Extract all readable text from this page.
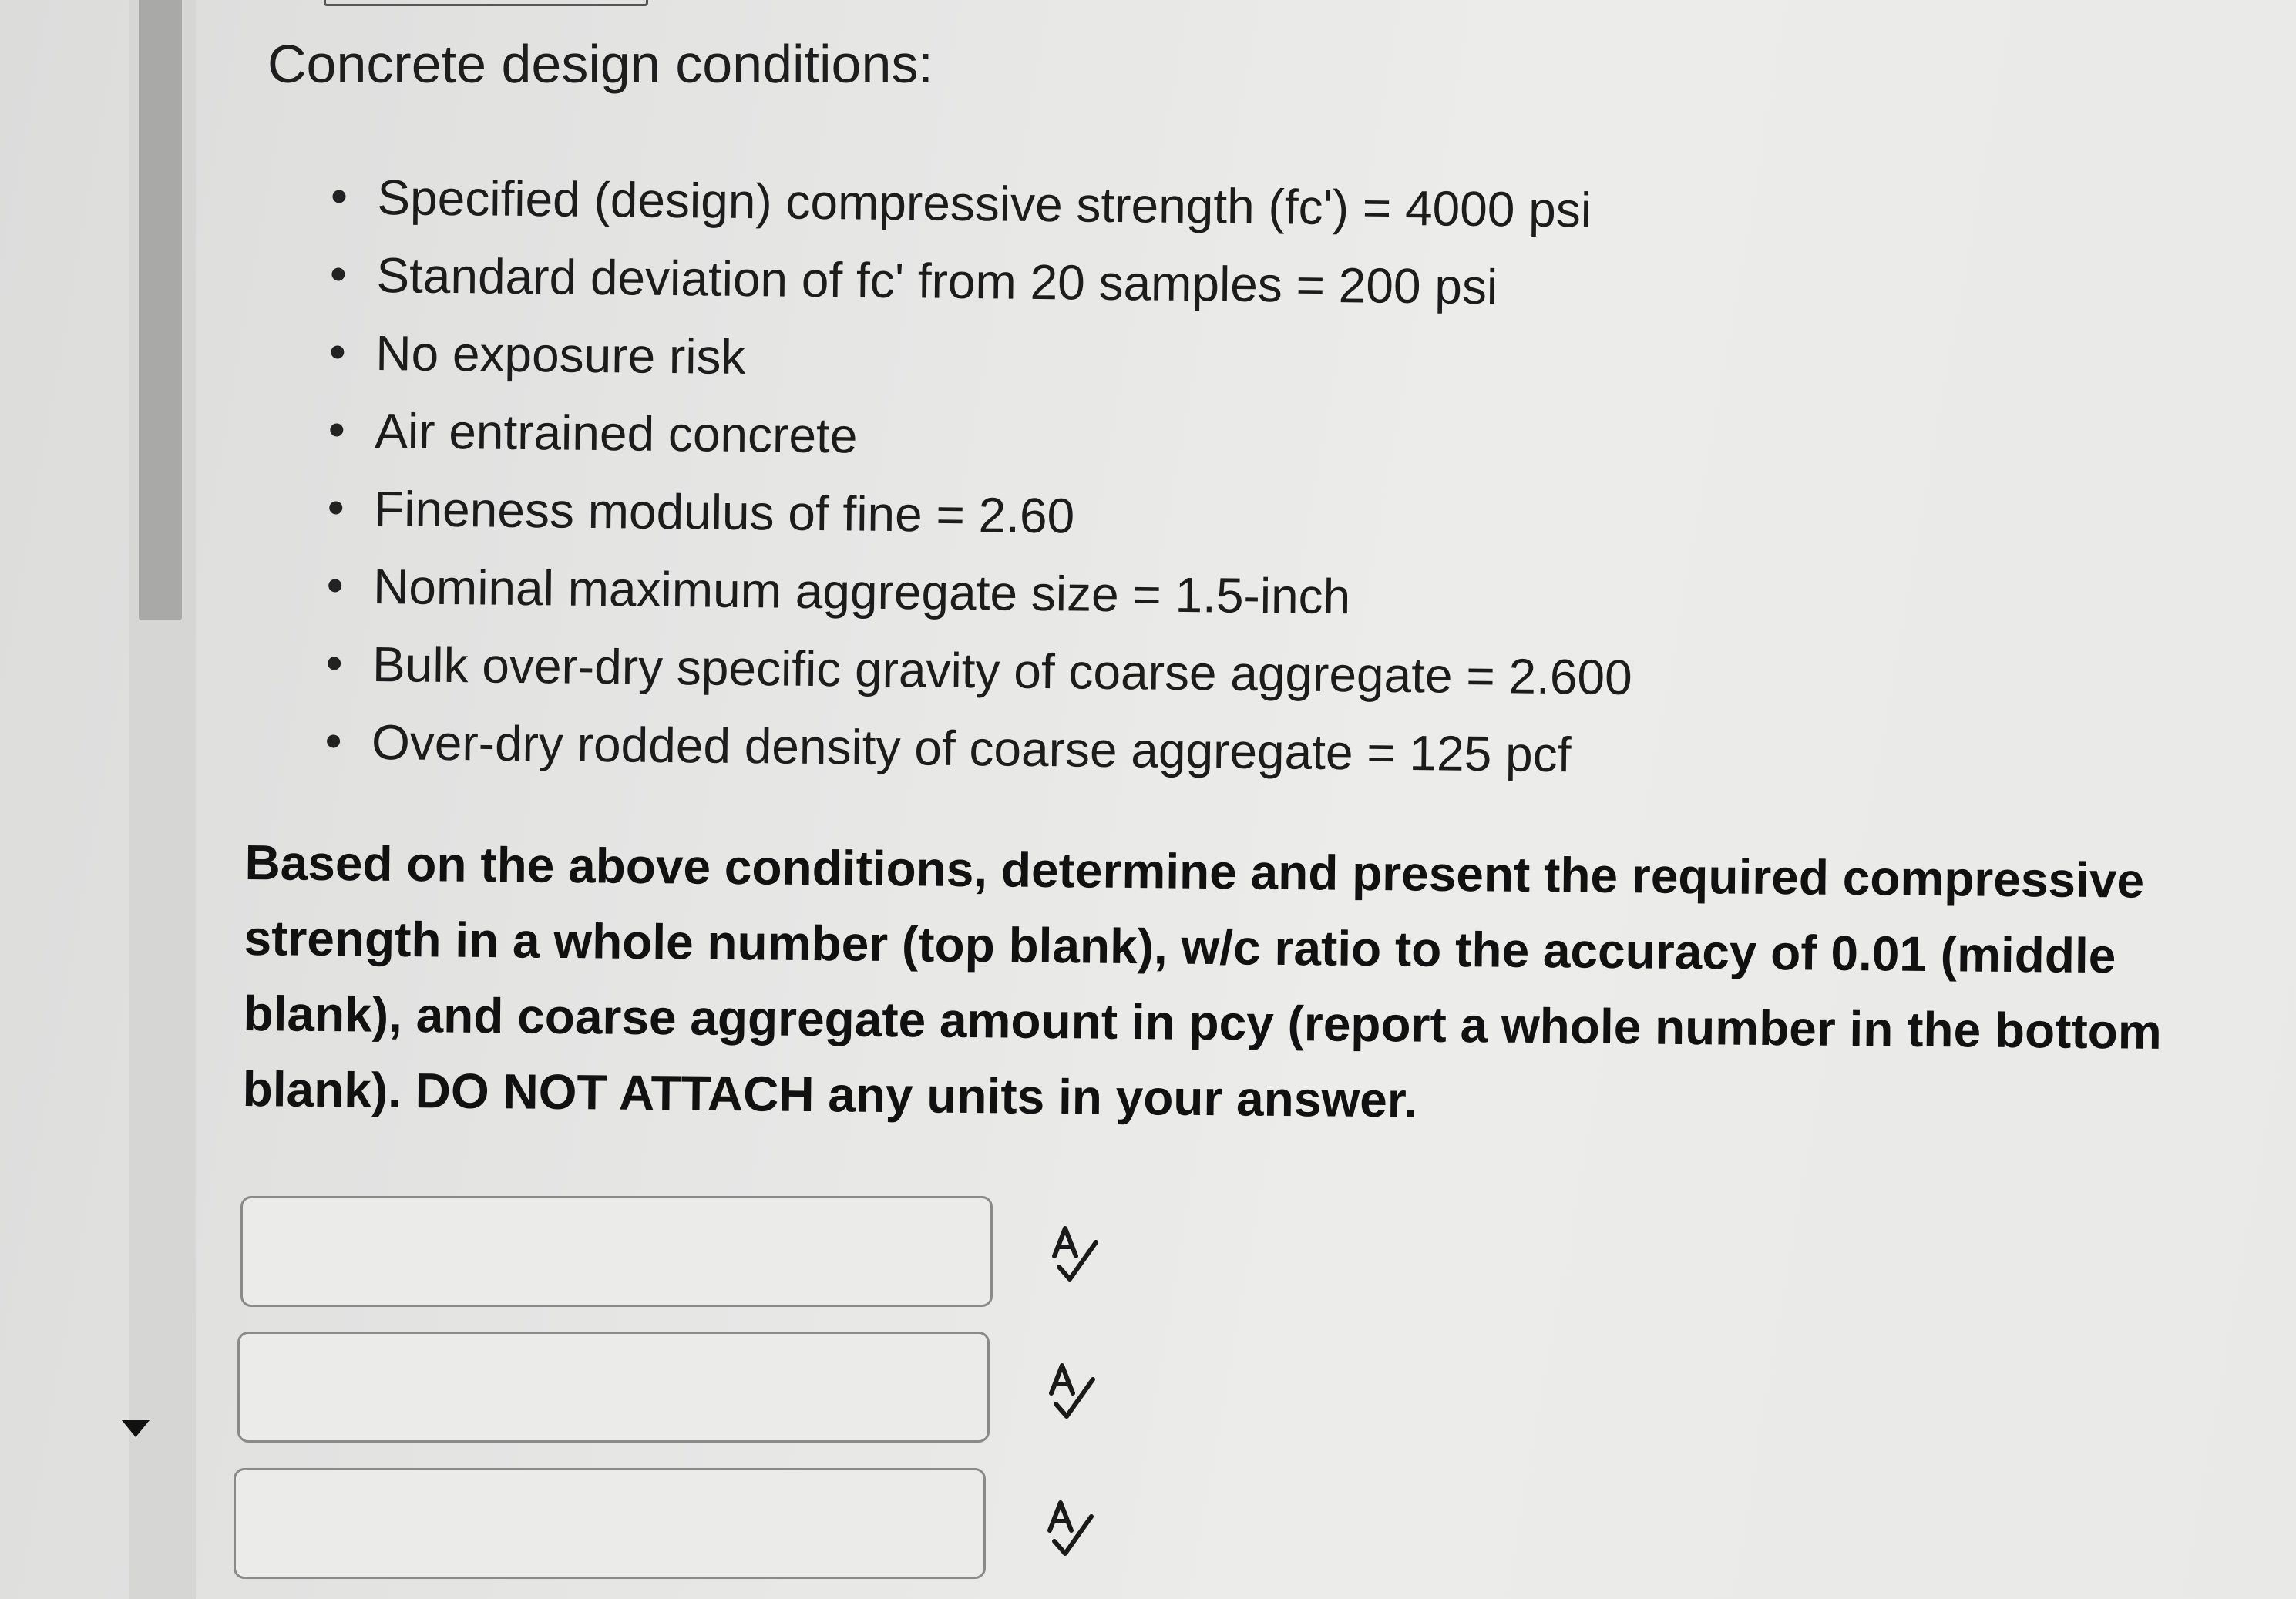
Concrete design conditions:
Specified (design) compressive strength (fc') = 4000 psi
Standard deviation of fc' from 20 samples = 200 psi
No exposure risk
Air entrained concrete
Fineness modulus of fine = 2.60
Nominal maximum aggregate size = 1.5-inch
Bulk over-dry specific gravity of coarse aggregate = 2.600
Over-dry rodded density of coarse aggregate = 125 pcf

Based on the above conditions, determine and present the required compressive strength in a whole number (top blank), w/c ratio to the accuracy of 0.01 (middle blank), and coarse aggregate amount in pcy (report a whole number in the bottom blank). DO NOT ATTACH any units in your answer.
